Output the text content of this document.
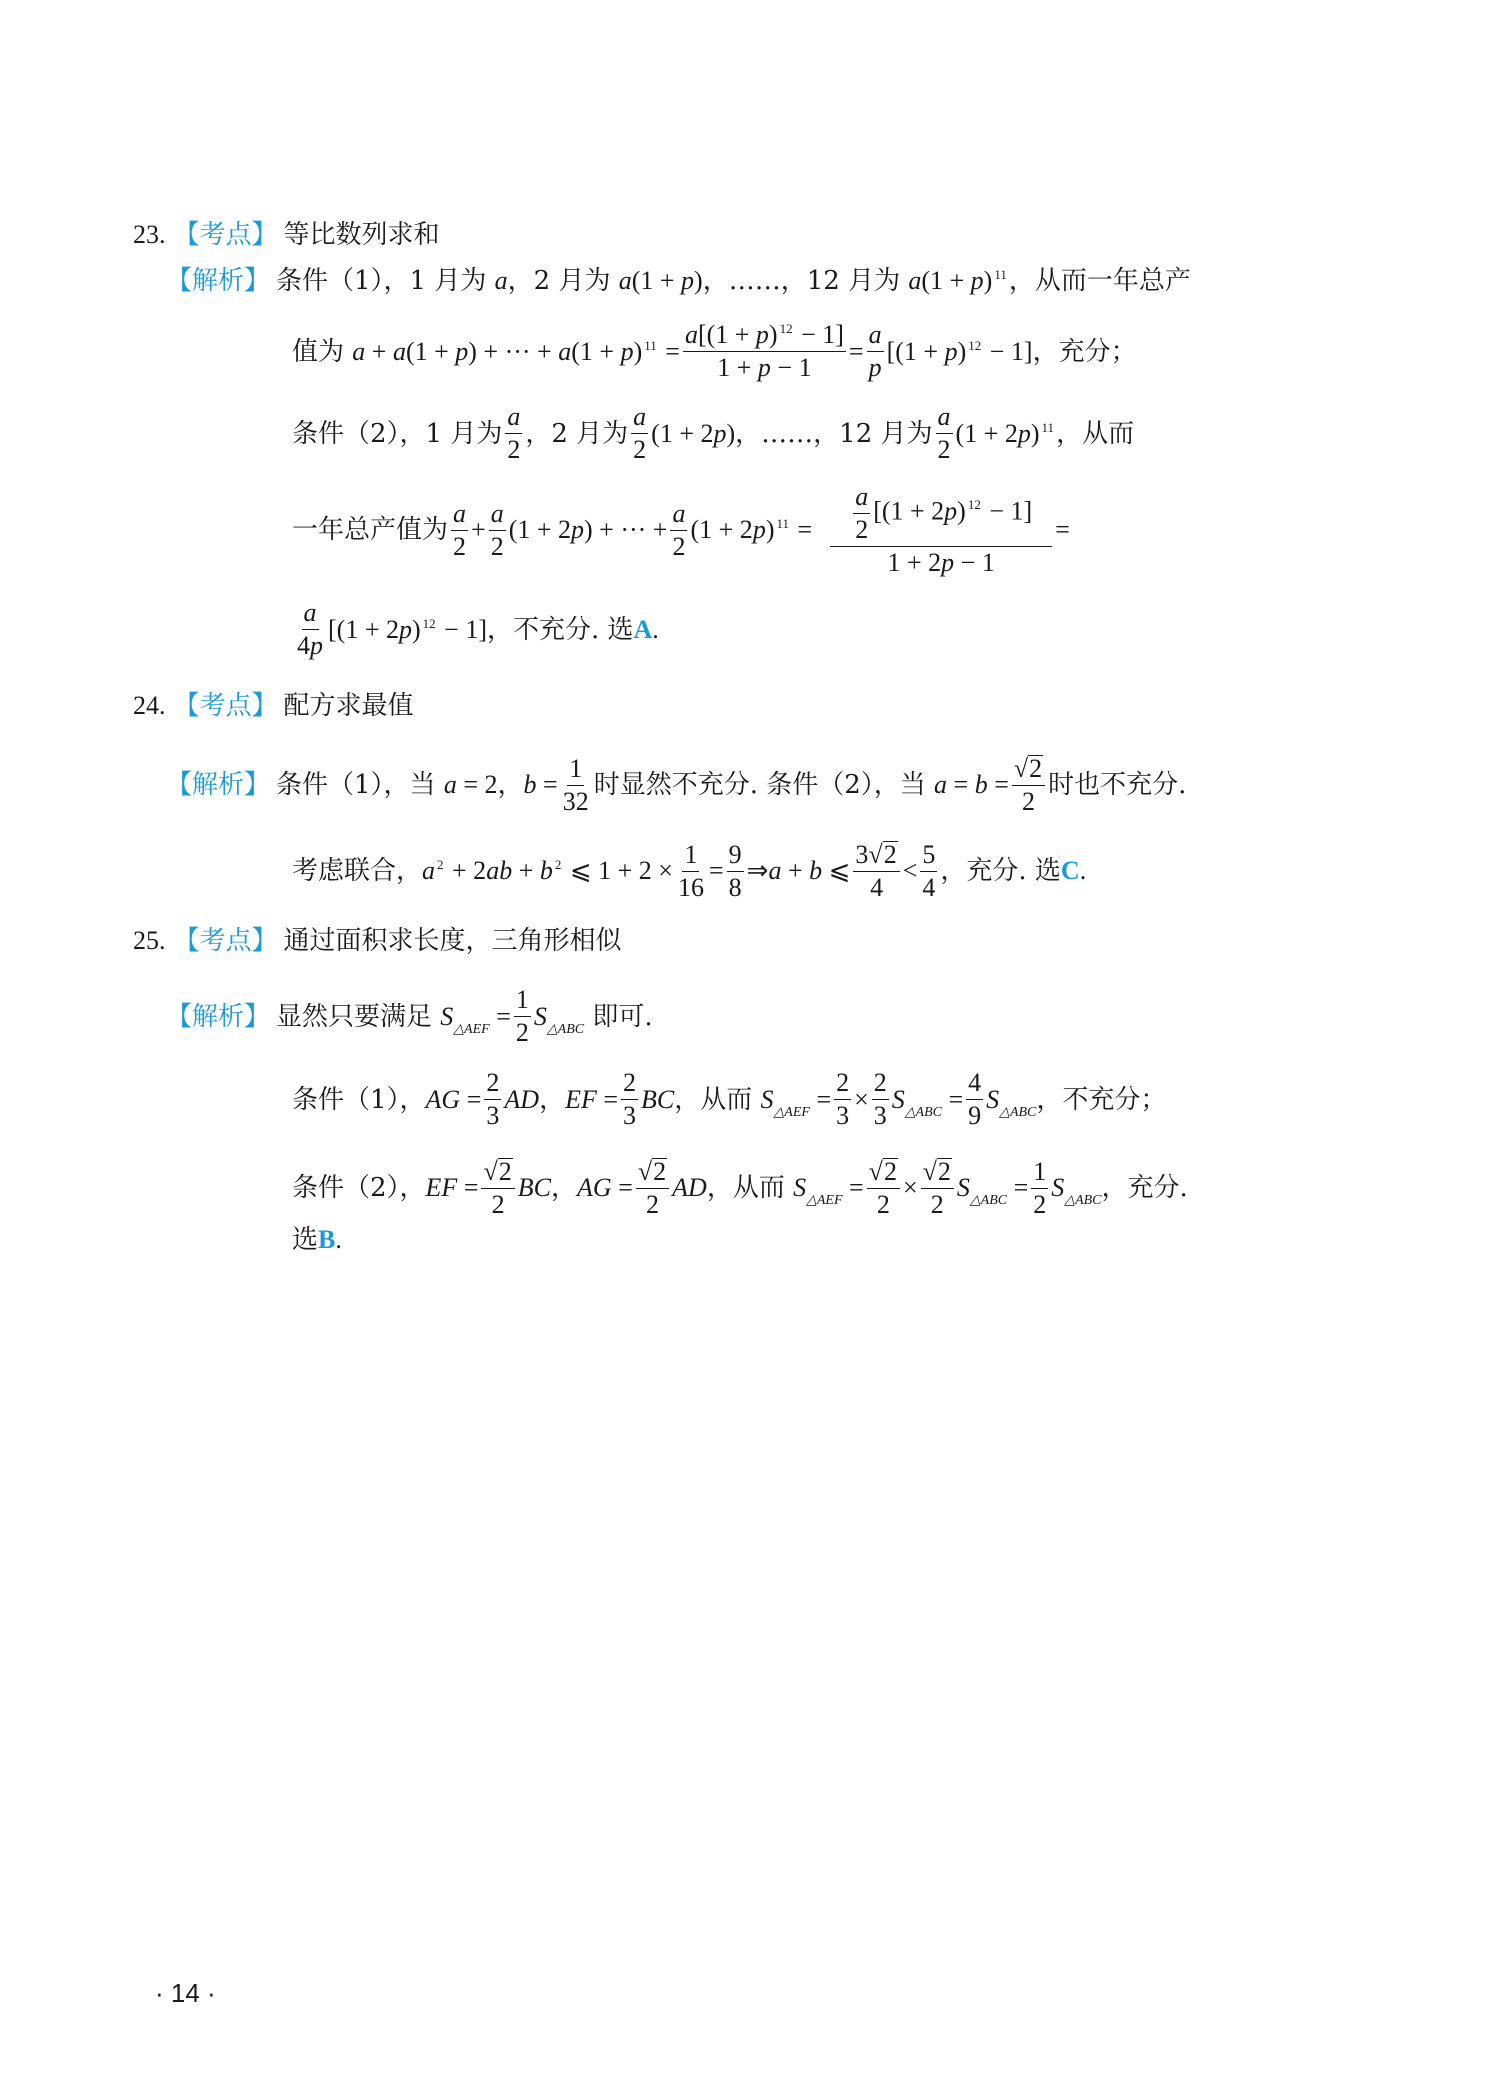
23. 【考点】 等比数列求和
【解析】 条件（1），1 月为 a，2 月为 a(1 + p)，……，12 月为 a(1 + p) $^{11}$，从而一年总产
值为 a + a(1 + p) + ··· + a(1 + p) $^{11} = \frac{a[(1 + p) ^{12} - 1]}{1 + p - 1} = \frac{a}{p} [(1 + p) ^{12} - 1]$，充分；
条件（2），1 月为 $\frac{a}{2}$ ，2 月为 $\frac{a}{2} (1 + 2p)$，……，12 月为 $\frac{a}{2} (1 + 2p)$ $^{11}$，从而
一年总产值为 $\frac{a}{2} + \frac{a}{2} (1 + 2p)$ + ··· + $\frac{a}{2} (1 + 2p) ^{11} = \frac{\frac{a}{2} [(1 + 2p) ^{12} - 1]}{1 + 2p - 1}$ =
$\frac{a}{4p} [(1 + 2p) ^{12} - 1]$，不充分. 选 A .
24. 【考点】 配方求最值
【解析】 条件（1），当 a = 2，$b = \frac{1}{32}$ 时显然不充分. 条件（2），当 $a = b = \frac{√2}{2}$ 时也不充分.
考虑联合，a $^2$ + 2ab + b $^2$ ⩽ $1 + 2 \times \frac{1}{16} = \frac{9}{8}$ ⇒a + b ⩽ $\frac{3√2}{4} < \frac{5}{4}$ ，充分. 选 C .
25. 【考点】 通过面积求长度，三角形相似
【解析】 显然只要满足 $S_{\triangle AEF} = \frac{1}{2} S_{\triangle ABC}$ 即可.
条件（1），AG = $\frac{2}{3}$ AD，EF = $\frac{2}{3}$ BC，从而 $S_{\triangle AEF} = \frac{2}{3} \times \frac{2}{3} S_{\triangle ABC} = \frac{4}{9} S_{\triangle ABC}$，不充分；
条件（2），EF = $\frac{√2}{2}$ BC，AG = $\frac{√2}{2}$ AD，从而 $S_{\triangle AEF} = \frac{√2}{2} \times \frac{√2}{2} S_{\triangle ABC} = \frac{1}{2} S_{\triangle ABC}$，充分.
选 B .
· 14 ·
